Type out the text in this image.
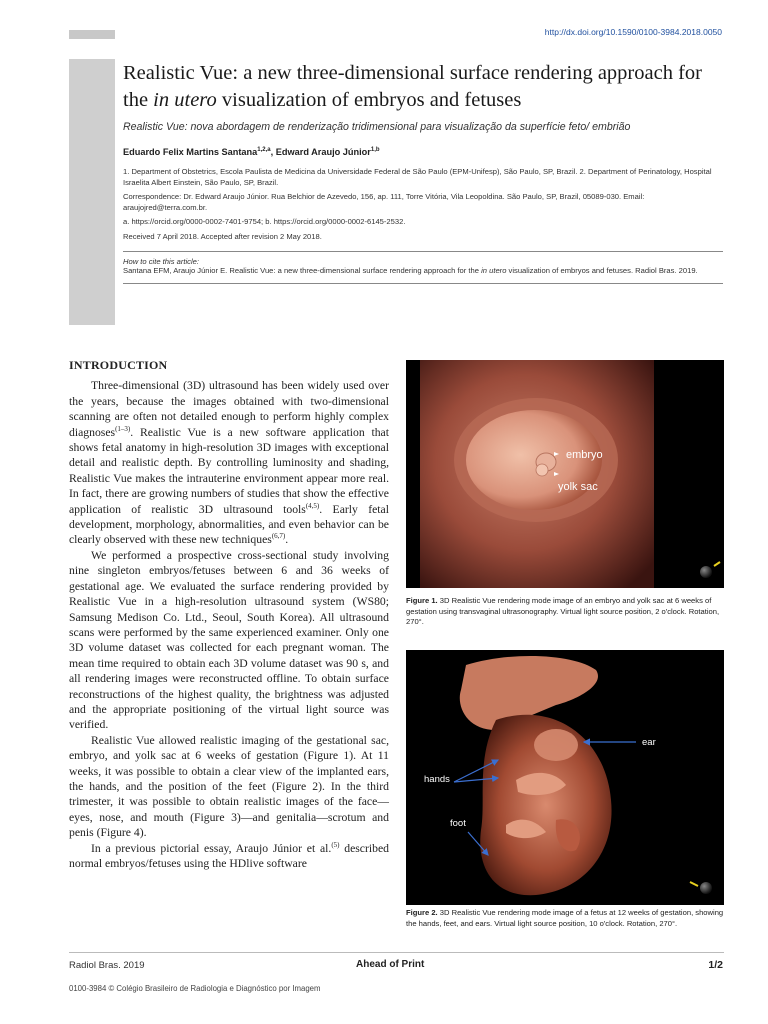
http://dx.doi.org/10.1590/0100-3984.2018.0050
Realistic Vue: a new three-dimensional surface rendering approach for the in utero visualization of embryos and fetuses
Realistic Vue: nova abordagem de renderização tridimensional para visualização da superfície feto/ embrião
Eduardo Felix Martins Santana$^{1,2,a}$, Edward Araujo Júnior$^{1,b}$

1. Department of Obstetrics, Escola Paulista de Medicina da Universidade Federal de São Paulo (EPM-Unifesp), São Paulo, SP, Brazil. 2. Department of Perinatology, Hospital Israelita Albert Einstein, São Paulo, SP, Brazil.

Correspondence: Dr. Edward Araujo Júnior. Rua Belchior de Azevedo, 156, ap. 111, Torre Vitória, Vila Leopoldina. São Paulo, SP, Brazil, 05089-030. Email: araujojred@terra.com.br.

a. https://orcid.org/0000-0002-7401-9754; b. https://orcid.org/0000-0002-6145-2532.

Received 7 April 2018. Accepted after revision 2 May 2018.

How to cite this article:
Santana EFM, Araujo Júnior E. Realistic Vue: a new three-dimensional surface rendering approach for the in utero visualization of embryos and fetuses. Radiol Bras. 2019.
INTRODUCTION

Three-dimensional (3D) ultrasound has been widely used over the years, because the images obtained with two-dimensional scanning are often not detailed enough to perform highly complex diagnoses$^{(1-3)}$. Realistic Vue is a new software application that shows fetal anatomy in high-resolution 3D images with exceptional detail and realistic depth. By controlling luminosity and shading, Realistic Vue makes the intrauterine environment appear more real. In fact, there are growing numbers of studies that show the effective application of realistic 3D ultrasound tools$^{(4,5)}$. Early fetal development, morphology, abnormalities, and even behavior can be clearly observed with these new techniques$^{(6,7)}$.

We performed a prospective cross-sectional study involving nine singleton embryos/fetuses between 6 and 36 weeks of gestational age. We evaluated the surface rendering provided by Realistic Vue in a high-resolution ultrasound system (WS80; Samsung Medison Co. Ltd., Seoul, South Korea). All ultrasound scans were performed by the same experienced examiner. Only one 3D volume dataset was collected for each pregnant woman. The mean time required to obtain each 3D volume dataset was 90 s, and all rendering images were reconstructed offline. To obtain surface reconstructions of the highest quality, the brightness was adjusted and the appropriate positioning of the virtual light source was verified.

Realistic Vue allowed realistic imaging of the gestational sac, embryo, and yolk sac at 6 weeks of gestation (Figure 1). At 11 weeks, it was possible to obtain a clear view of the implanted ears, the hands, and the position of the feet (Figure 2). In the third trimester, it was possible to obtain realistic images of the face—eyes, nose, and mouth (Figure 3)—and genitalia—scrotum and penis (Figure 4).

In a previous pictorial essay, Araujo Júnior et al.$^{(5)}$ described normal embryos/fetuses using the HDlive software

embryo
yolk sac
Figure 1. 3D Realistic Vue rendering mode image of an embryo and yolk sac at 6 weeks of gestation using transvaginal ultrasonography. Virtual light source position, 2 o'clock. Rotation, 270°.
ear
hands
foot
Figure 2. 3D Realistic Vue rendering mode image of a fetus at 12 weeks of gestation, showing the hands, feet, and ears. Virtual light source position, 10 o'clock. Rotation, 270°.
Radiol Bras. 2019	Ahead of Print	1/2
0100-3984 © Colégio Brasileiro de Radiologia e Diagnóstico por Imagem
